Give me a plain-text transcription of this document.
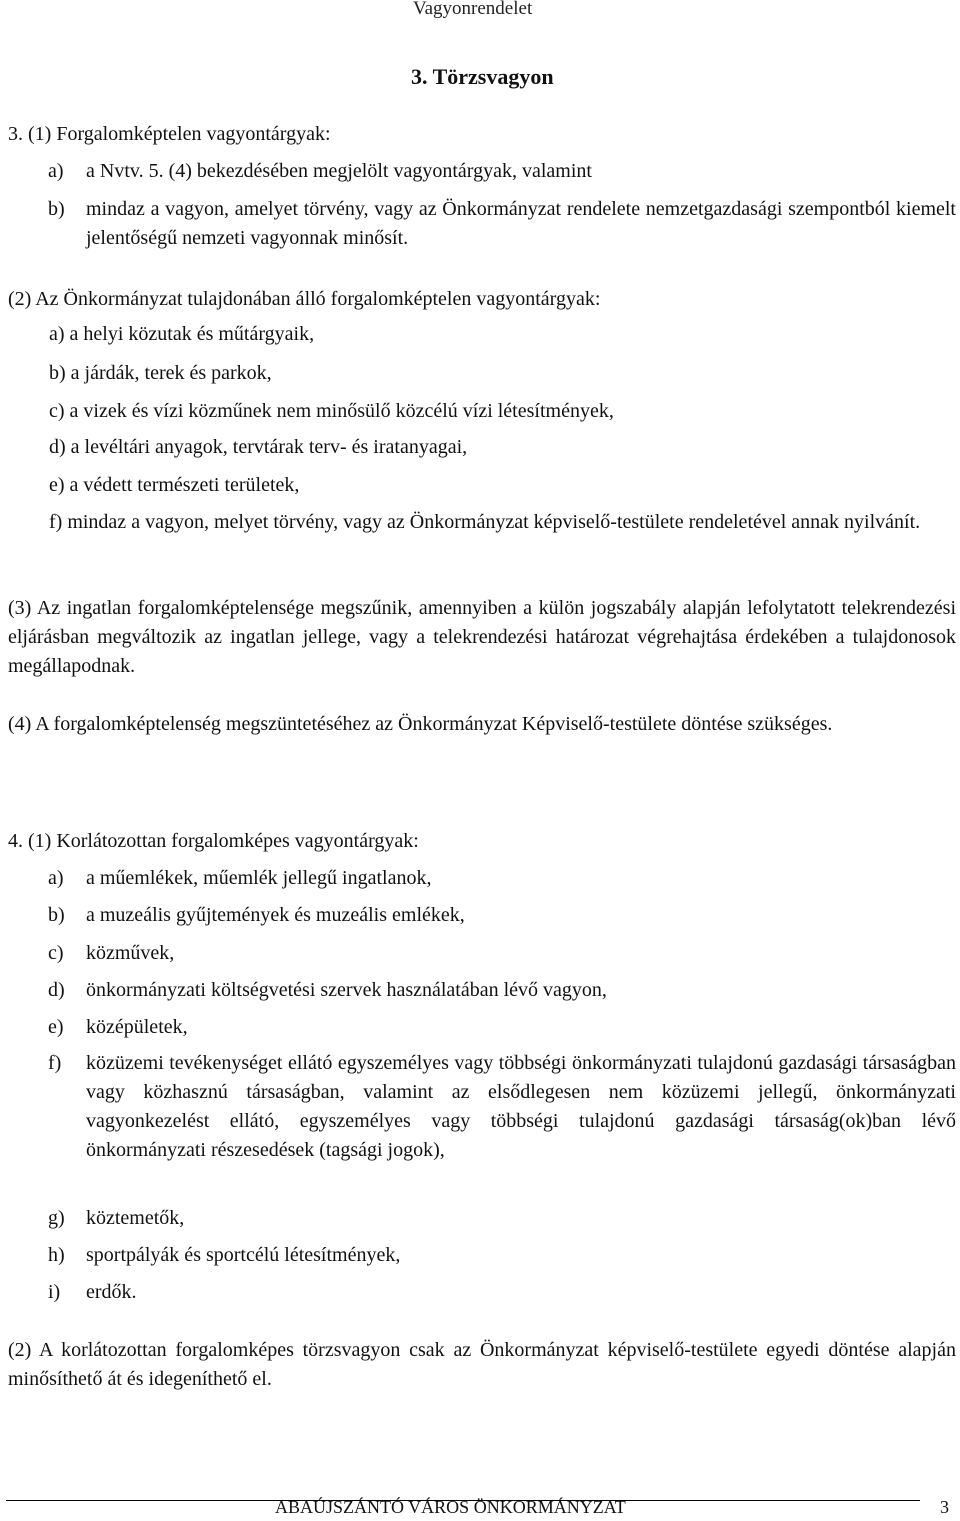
Vagyonrendelet
3. Törzsvagyon
3. (1) Forgalomképtelen vagyontárgyak:
a) a Nvtv. 5. (4) bekezdésében megjelölt vagyontárgyak, valamint
b)	mindaz a vagyon, amelyet törvény, vagy az Önkormányzat rendelete nemzetgazdasági szempontból kiemelt jelentőségű nemzeti vagyonnak minősít.
(2) Az Önkormányzat tulajdonában álló forgalomképtelen vagyontárgyak:
a) a helyi közutak és műtárgyaik,
b) a járdák, terek és parkok,
c) a vizek és vízi közműnek nem minősülő közcélú vízi létesítmények,
d) a levéltári anyagok, tervtárak terv- és iratanyagai,
e) a védett természeti területek,
f) mindaz a vagyon, melyet törvény, vagy az Önkormányzat képviselő-testülete rendeletével annak nyilvánít.
(3) Az ingatlan forgalomképtelensége megszűnik, amennyiben a külön jogszabály alapján lefolytatott telekrendezési eljárásban megváltozik az ingatlan jellege, vagy a telekrendezési határozat végrehajtása érdekében a tulajdonosok megállapodnak.
(4) A forgalomképtelenség megszüntetéséhez az Önkormányzat Képviselő-testülete döntése szükséges.
4. (1) Korlátozottan forgalomképes vagyontárgyak:
a) a műemlékek, műemlék jellegű ingatlanok,
b) a muzeális gyűjtemények és muzeális emlékek,
c) közművek,
d) önkormányzati költségvetési szervek használatában lévő vagyon,
e) középületek,
f)	közüzemi tevékenységet ellátó egyszemélyes vagy többségi önkormányzati tulajdonú gazdasági társaságban vagy közhasznú társaságban, valamint az elsődlegesen nem közüzemi jellegű, önkormányzati vagyonkezelést ellátó, egyszemélyes vagy többségi tulajdonú gazdasági társaság(ok)ban lévő önkormányzati részesedések (tagsági jogok),
g) köztemetők,
h) sportpályák és sportcélú létesítmények,
i) erdők.
(2) A korlátozottan forgalomképes törzsvagyon csak az Önkormányzat képviselő-testülete egyedi döntése alapján minősíthető át és idegeníthető el.
ABAÚJSZÁNTÓ VÁROS ÖNKORMÁNYZAT	3
